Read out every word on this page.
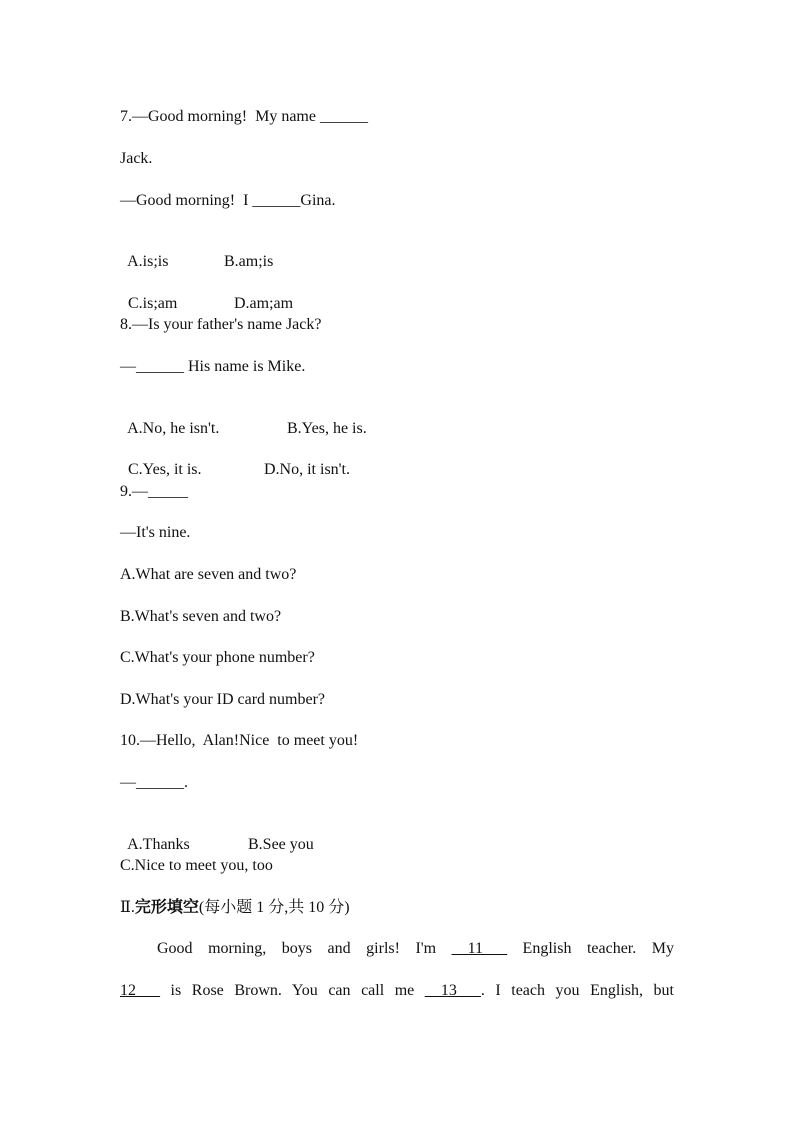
7.—Good morning!  My name ______

Jack.

—Good morning!  I ______Gina.

A.is;is	B.am;is

C.is;am	D.am;am

8.—Is your father's name Jack?

—______ His name is Mike.

A.No, he isn't.	B.Yes, he is.

C.Yes, it is.	D.No, it isn't.

9.—_____

—It's nine.

A.What are seven and two?

B.What's seven and two?

C.What's your phone number?

D.What's your ID card number?

10.—Hello,  Alan!Nice  to meet you!

—______.

A.Thanks	B.See you

C.Nice to meet you, too

Ⅱ.完形填空(每小题 1 分,共 10 分)

Good morning, boys and girls! I'm __11___ English teacher. My

12___ is Rose Brown. You can call me __13___. I teach you English, but
